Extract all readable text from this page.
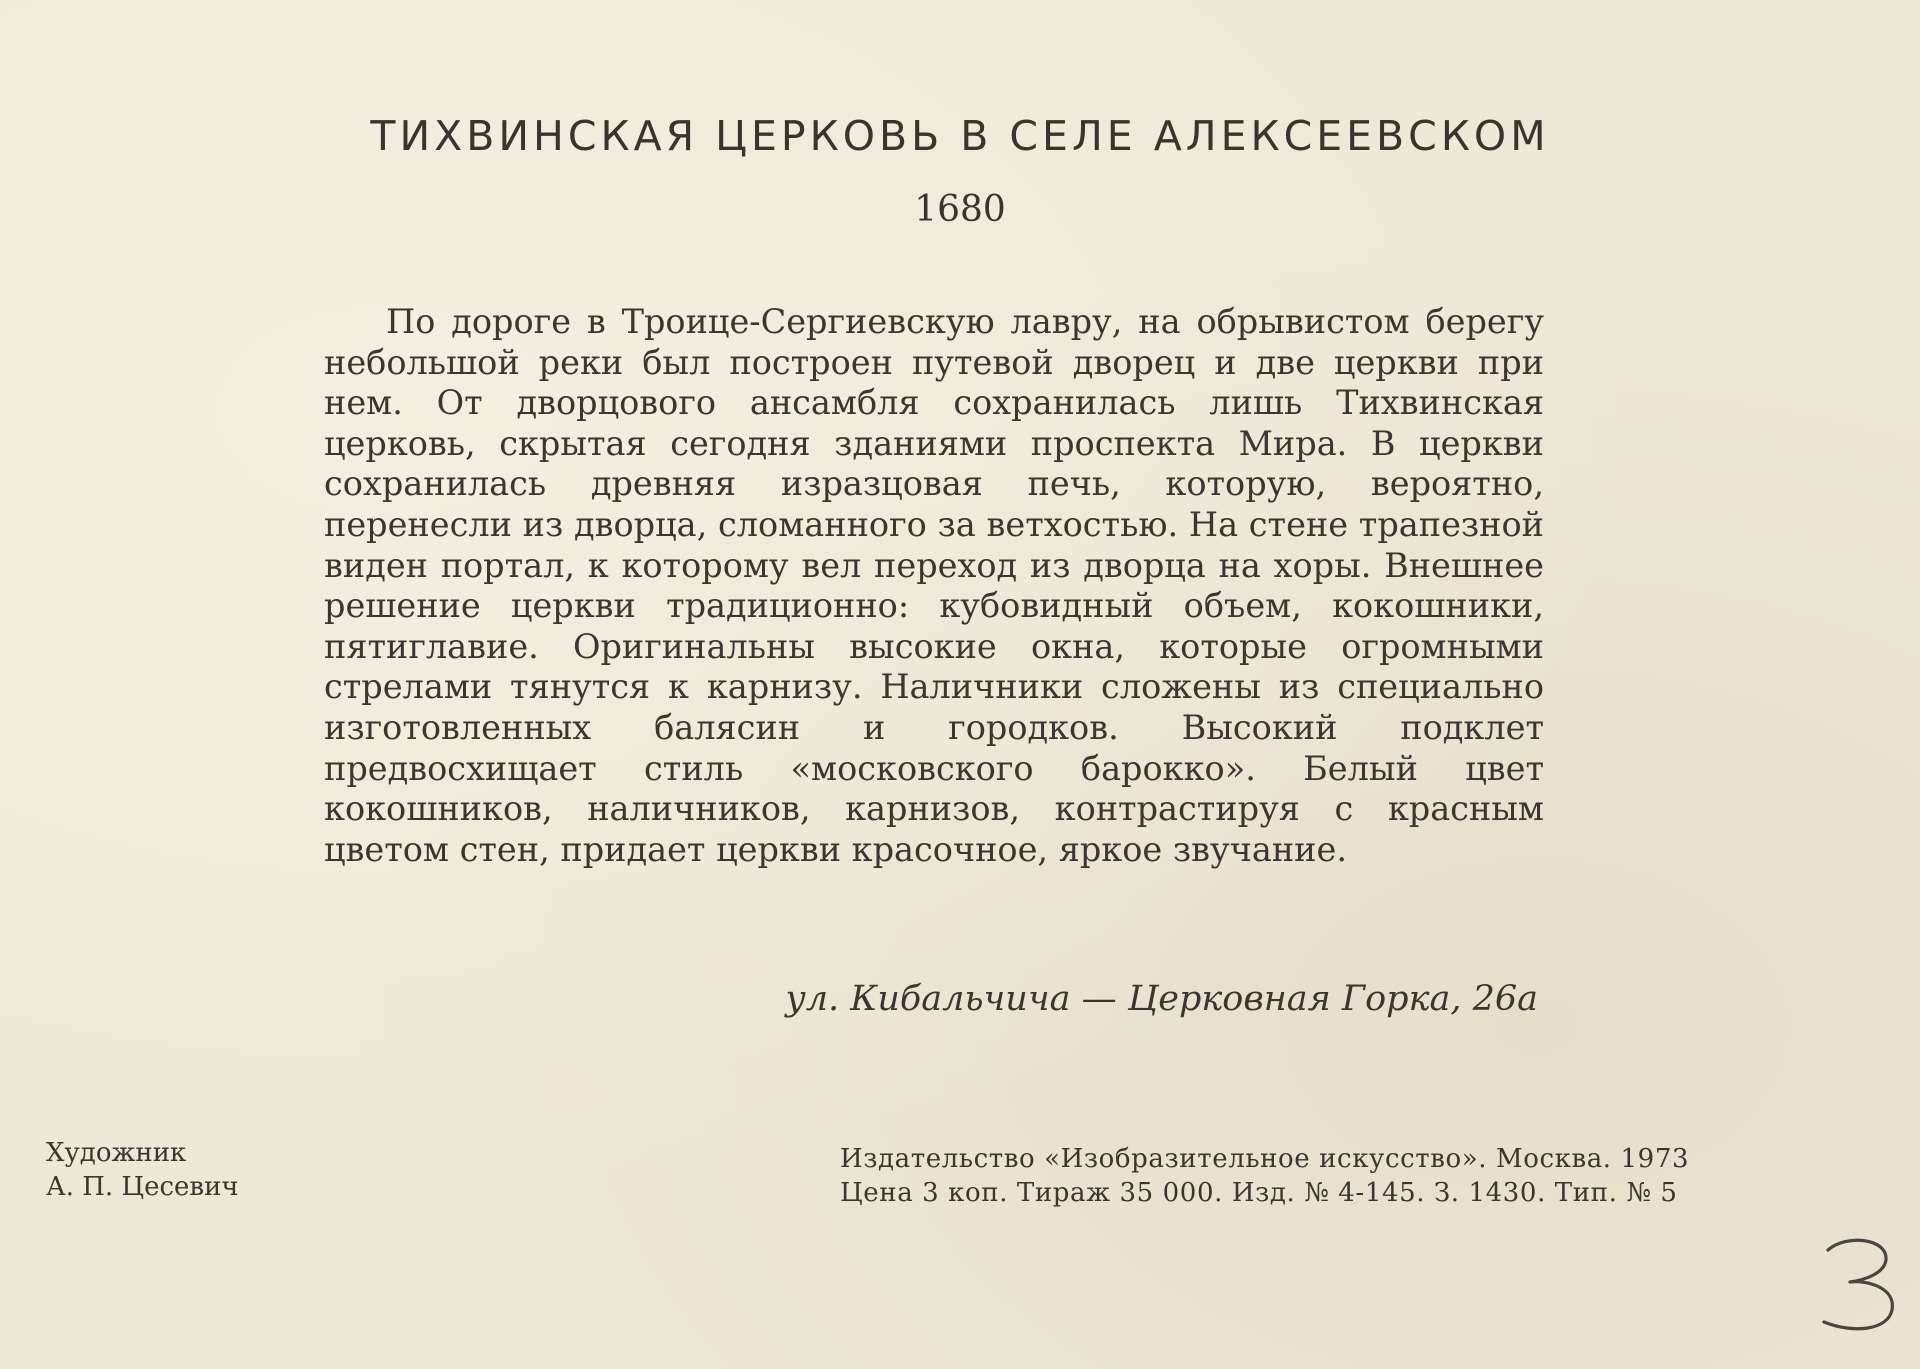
ТИХВИНСКАЯ ЦЕРКОВЬ В СЕЛЕ АЛЕКСЕЕВСКОМ
1680

По дороге в Троице-Сергиевскую лавру, на обрывистом берегу небольшой реки был построен путевой дворец и две церкви при нем. От дворцового ансамбля сохранилась лишь Тихвинская церковь, скрытая сегодня зданиями проспекта Мира. В церкви сохранилась древняя изразцовая печь, которую, вероятно, перенесли из дворца, сломанного за ветхостью. На стене трапезной виден портал, к которому вел переход из дворца на хоры. Внешнее решение церкви традиционно: кубовидный объем, кокошники, пятиглавие. Оригинальны высокие окна, которые огромными стрелами тянутся к карнизу. Наличники сложены из специально изготовленных балясин и городков. Высокий подклет предвосхищает стиль «московского барокко». Белый цвет кокошников, наличников, карнизов, контрастируя с красным цветом стен, придает церкви красочное, яркое звучание.

ул. Кибальчича — Церковная Горка, 26а
Художник
А. П. Цесевич
Издательство «Изобразительное искусство». Москва. 1973
Цена 3 коп. Тираж 35 000. Изд. № 4-145. З. 1430. Тип. № 5
